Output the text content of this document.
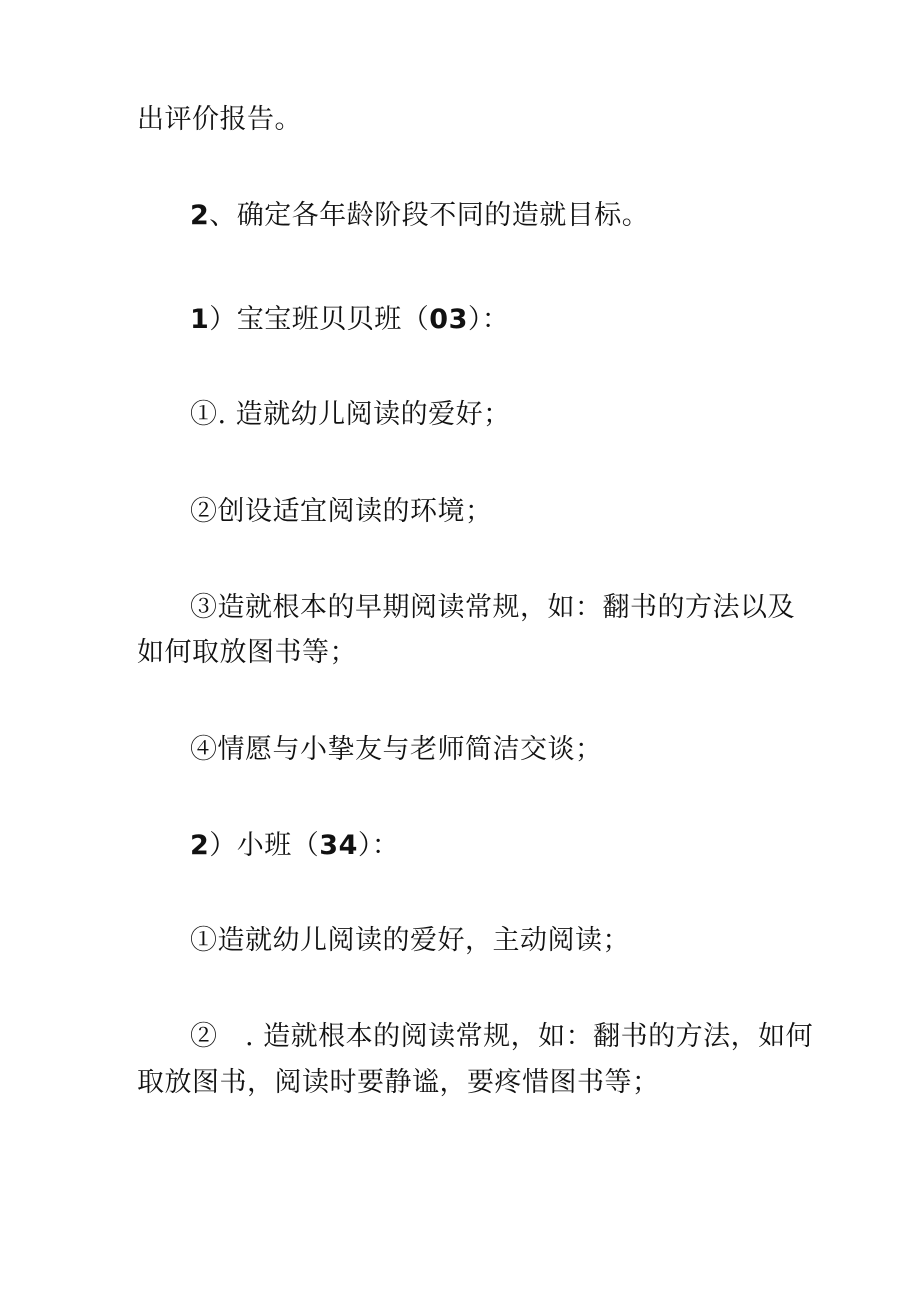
出评价报告。

2、确定各年龄阶段不同的造就目标。

1）宝宝班贝贝班（03）：

①. 造就幼儿阅读的爱好；

②创设适宜阅读的环境；

③造就根本的早期阅读常规，如：翻书的方法以及

如何取放图书等；

④情愿与小挚友与老师简洁交谈；

2）小班（34）：

①造就幼儿阅读的爱好，主动阅读；

②　. 造就根本的阅读常规，如：翻书的方法，如何

取放图书，阅读时要静谧，要疼惜图书等；
